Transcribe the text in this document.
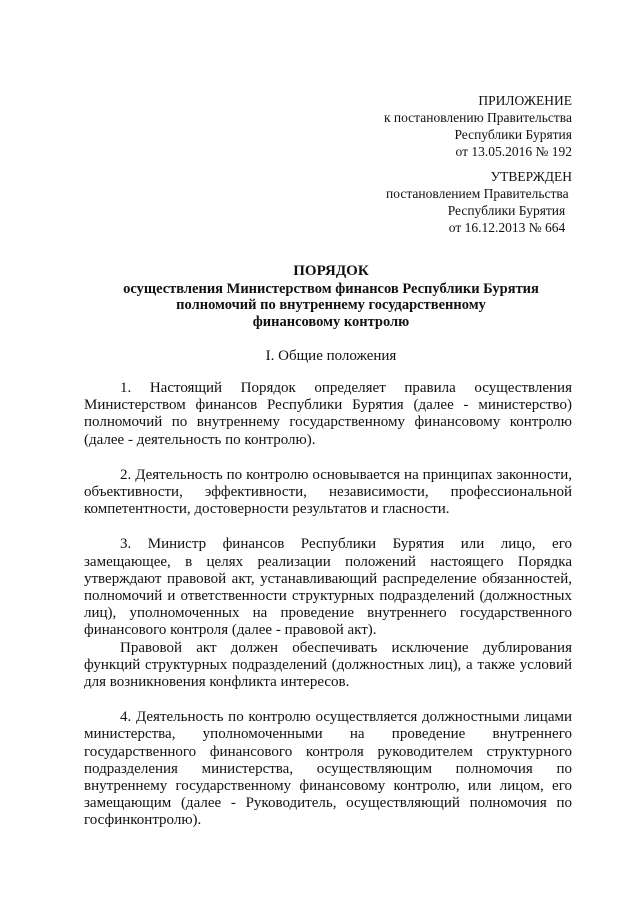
ПРИЛОЖЕНИЕ
к постановлению Правительства
Республики Бурятия
от 13.05.2016 № 192
УТВЕРЖДЕН
постановлением Правительства
Республики Бурятия
от 16.12.2013 № 664
ПОРЯДОК
осуществления Министерством финансов Республики Бурятия
полномочий по внутреннему государственному
финансовому контролю
I. Общие положения

1. Настоящий Порядок определяет правила осуществления Министерством финансов Республики Бурятия (далее - министерство) полномочий по внутреннему государственному финансовому контролю (далее - деятельность по контролю).

2. Деятельность по контролю основывается на принципах законности, объективности, эффективности, независимости, профессиональной компетентности, достоверности результатов и гласности.

3. Министр финансов Республики Бурятия или лицо, его замещающее, в целях реализации положений настоящего Порядка утверждают правовой акт, устанавливающий распределение обязанностей, полномочий и ответственности структурных подразделений (должностных лиц), уполномоченных на проведение внутреннего государственного финансового контроля (далее - правовой акт).

Правовой акт должен обеспечивать исключение дублирования функций структурных подразделений (должностных лиц), а также условий для возникновения конфликта интересов.

4. Деятельность по контролю осуществляется должностными лицами министерства, уполномоченными на проведение внутреннего государственного финансового контроля руководителем структурного подразделения министерства, осуществляющим полномочия по внутреннему государственному финансовому контролю, или лицом, его замещающим (далее - Руководитель, осуществляющий полномочия по госфинконтролю).
